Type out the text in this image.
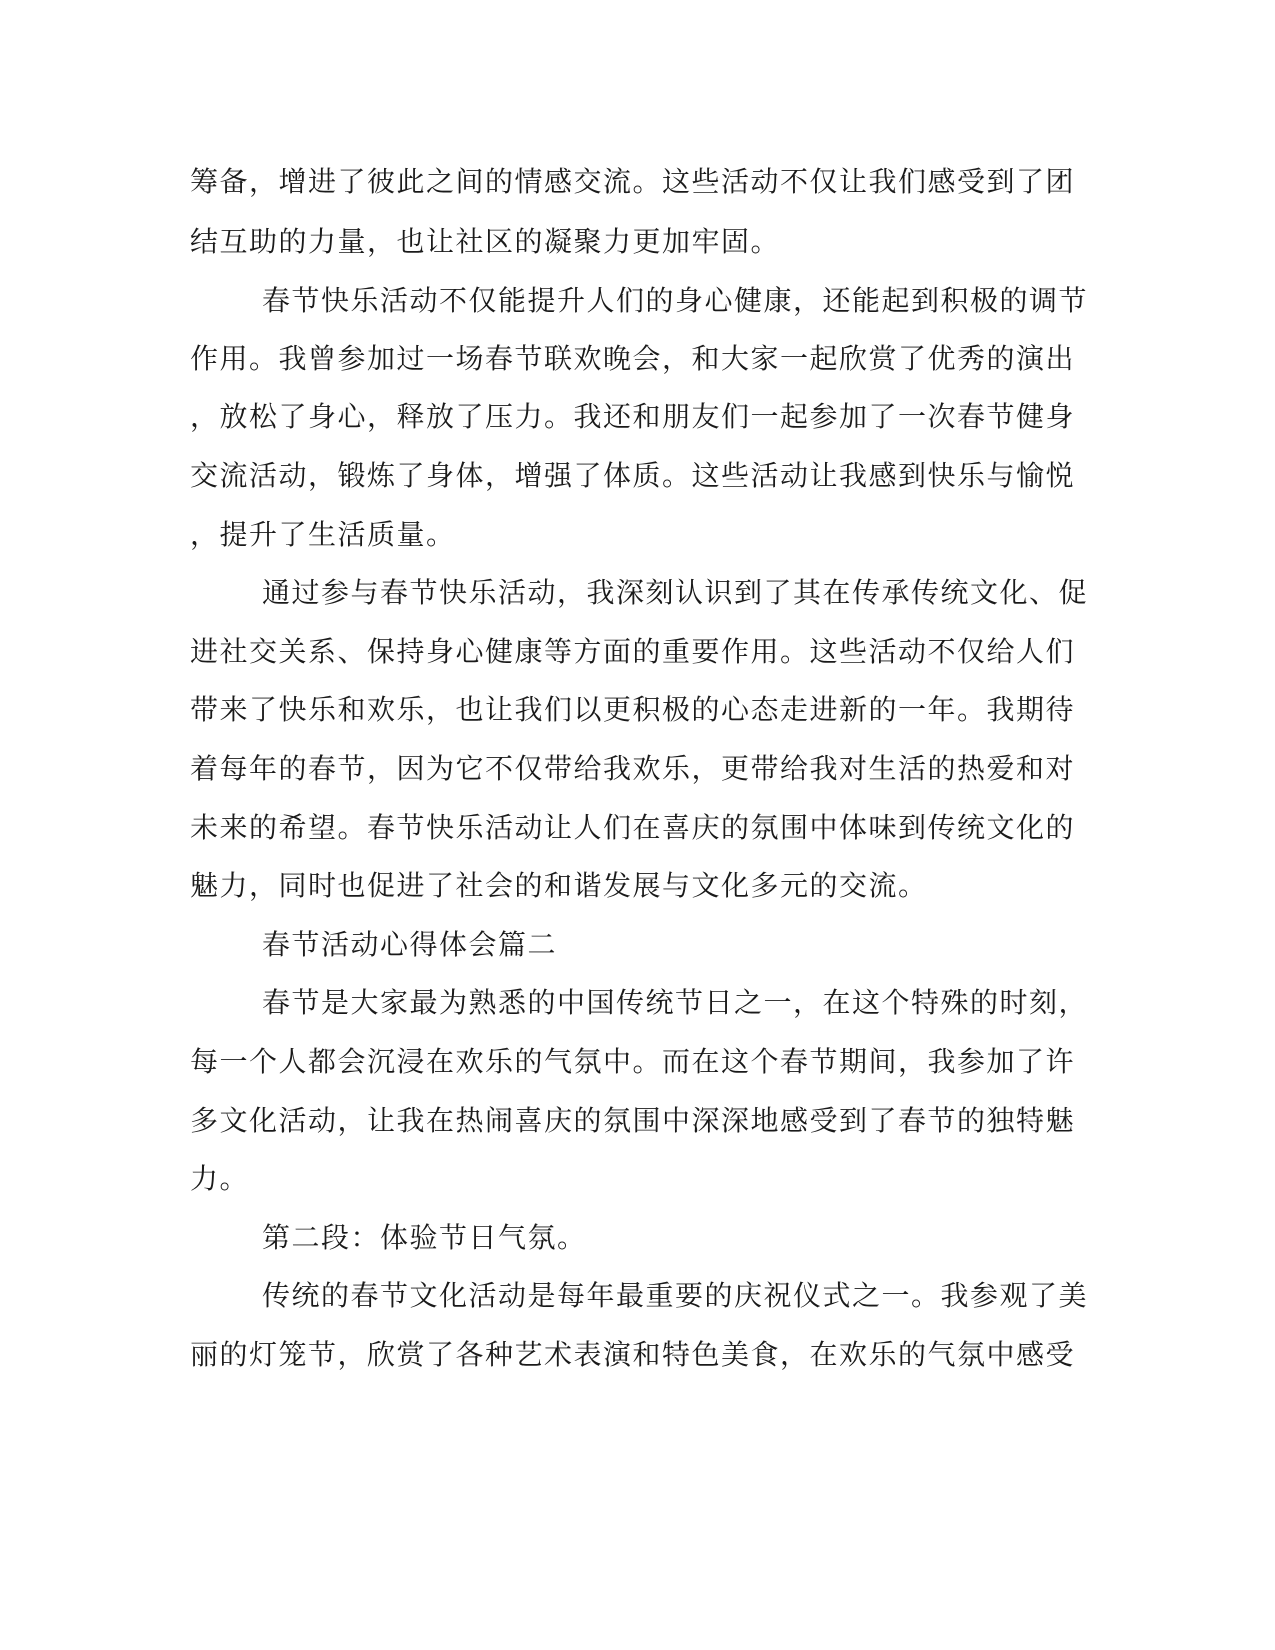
筹备，增进了彼此之间的情感交流。这些活动不仅让我们感受到了团

结互助的力量，也让社区的凝聚力更加牢固。

春节快乐活动不仅能提升人们的身心健康，还能起到积极的调节

作用。我曾参加过一场春节联欢晚会，和大家一起欣赏了优秀的演出

，放松了身心，释放了压力。我还和朋友们一起参加了一次春节健身

交流活动，锻炼了身体，增强了体质。这些活动让我感到快乐与愉悦

，提升了生活质量。

通过参与春节快乐活动，我深刻认识到了其在传承传统文化、促

进社交关系、保持身心健康等方面的重要作用。这些活动不仅给人们

带来了快乐和欢乐，也让我们以更积极的心态走进新的一年。我期待

着每年的春节，因为它不仅带给我欢乐，更带给我对生活的热爱和对

未来的希望。春节快乐活动让人们在喜庆的氛围中体味到传统文化的

魅力，同时也促进了社会的和谐发展与文化多元的交流。

春节活动心得体会篇二

春节是大家最为熟悉的中国传统节日之一，在这个特殊的时刻，

每一个人都会沉浸在欢乐的气氛中。而在这个春节期间，我参加了许

多文化活动，让我在热闹喜庆的氛围中深深地感受到了春节的独特魅

力。

第二段：体验节日气氛。

传统的春节文化活动是每年最重要的庆祝仪式之一。我参观了美

丽的灯笼节，欣赏了各种艺术表演和特色美食，在欢乐的气氛中感受
